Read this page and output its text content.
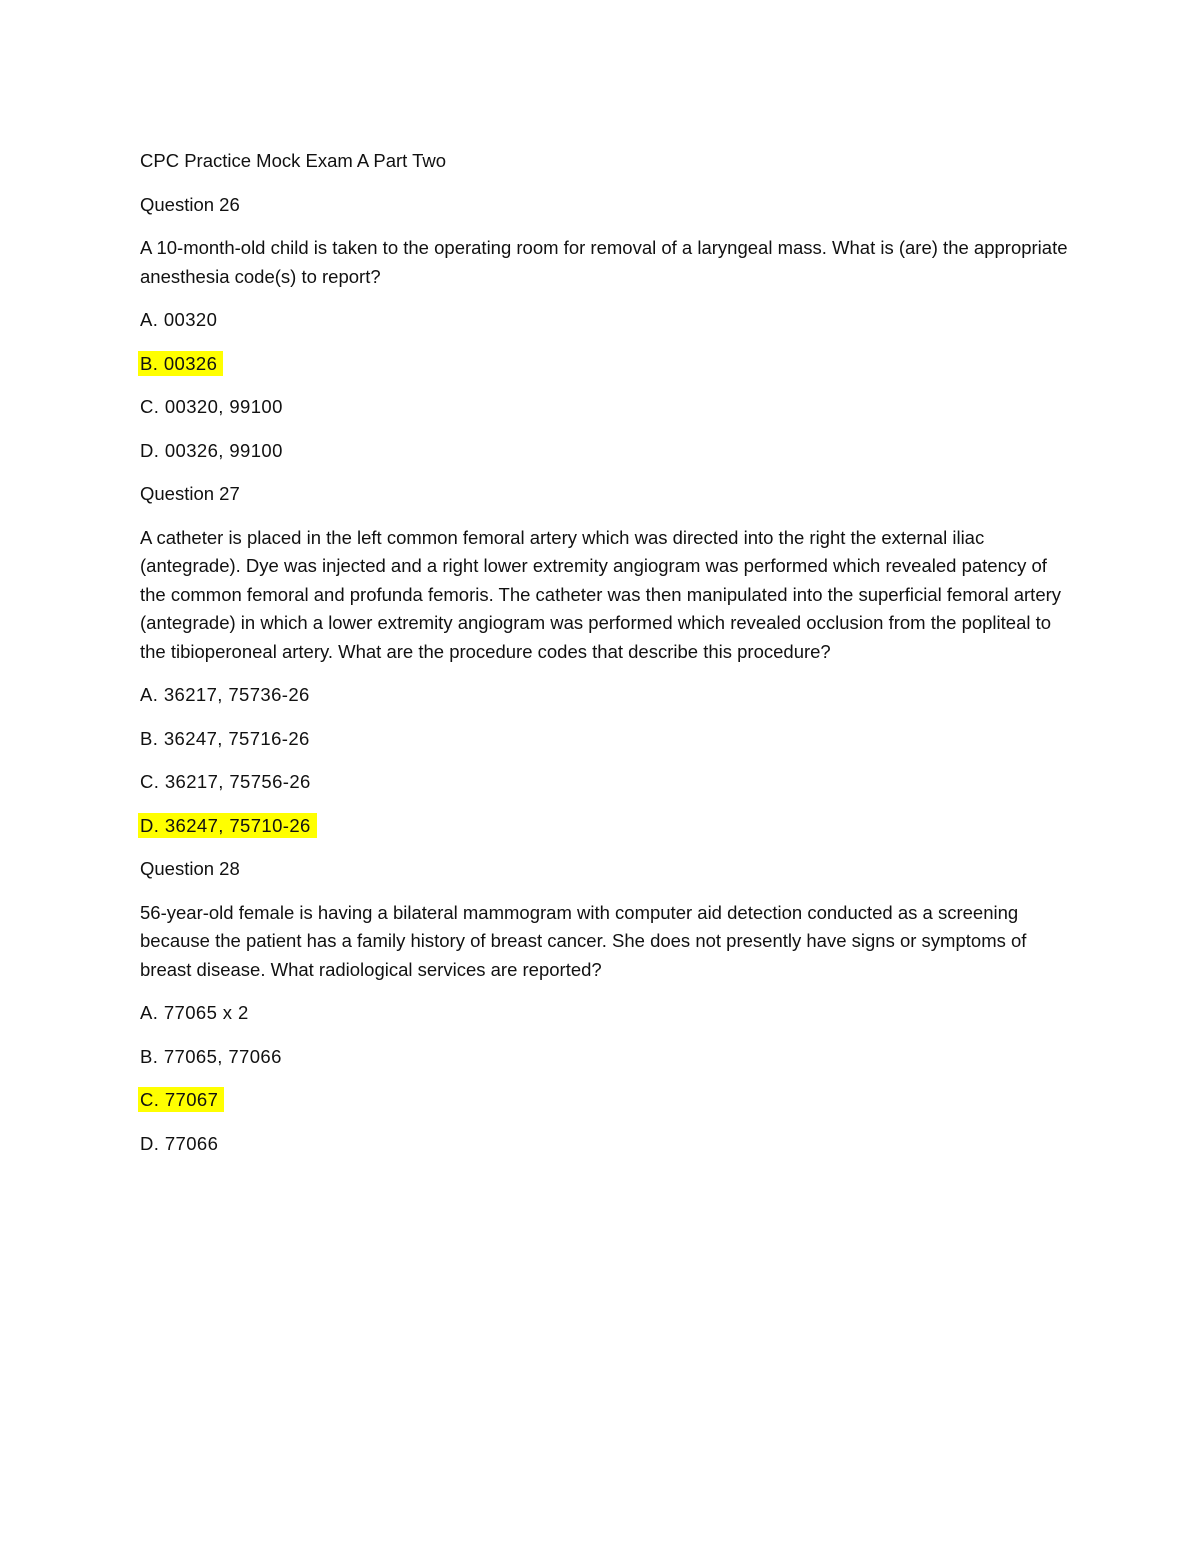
CPC Practice Mock Exam A Part Two

Question 26

A 10-month-old child is taken to the operating room for removal of a laryngeal mass. What is (are) the appropriate anesthesia code(s) to report?

A. 00320

B. 00326

C. 00320, 99100

D. 00326, 99100

Question 27

A catheter is placed in the left common femoral artery which was directed into the right the external iliac (antegrade). Dye was injected and a right lower extremity angiogram was performed which revealed patency of the common femoral and profunda femoris. The catheter was then manipulated into the superficial femoral artery (antegrade) in which a lower extremity angiogram was performed which revealed occlusion from the popliteal to the tibioperoneal artery. What are the procedure codes that describe this procedure?

A. 36217, 75736-26

B. 36247, 75716-26

C. 36217, 75756-26

D. 36247, 75710-26

Question 28

56-year-old female is having a bilateral mammogram with computer aid detection conducted as a screening because the patient has a family history of breast cancer. She does not presently have signs or symptoms of breast disease. What radiological services are reported?

A. 77065 x 2

B. 77065, 77066

C. 77067

D. 77066
